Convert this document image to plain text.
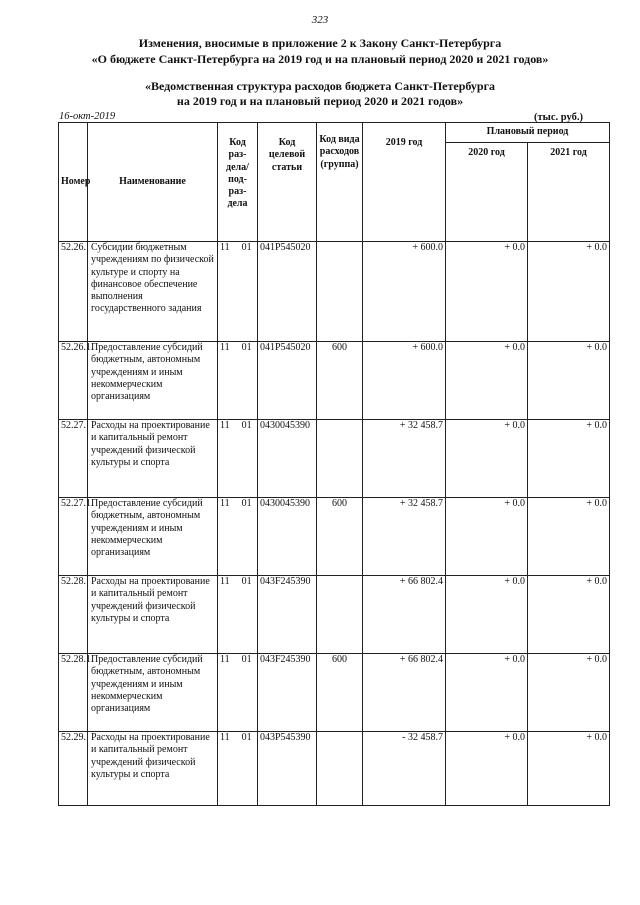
323
Изменения, вносимые в приложение 2 к Закону Санкт-Петербурга
«О бюджете Санкт-Петербурга на 2019 год и на плановый период 2020 и 2021 годов»
«Ведомственная структура расходов бюджета Санкт-Петербурга
на 2019 год и на плановый период 2020 и 2021 годов»
16-окт-2019	(тыс. руб.)
Номер	Наименование	Код раз-дела/ под-раз-дела	Код целевой статьи	Код вида расходов (группа)	2019 год	Плановый период	
						2020 год	2021 год
52.26.	Субсидии бюджетным учреждениям по физической культуре и спорту на финансовое обеспечение выполнения государственного задания	11 01	041P545020		+ 600.0	+ 0.0	+ 0.0
52.26.1.	Предоставление субсидий бюджетным, автономным учреждениям и иным некоммерческим организациям	11 01	041P545020	600	+ 600.0	+ 0.0	+ 0.0
52.27.	Расходы на проектирование и капитальный ремонт учреждений физической культуры и спорта	11 01	0430045390		+ 32 458.7	+ 0.0	+ 0.0
52.27.1.	Предоставление субсидий бюджетным, автономным учреждениям и иным некоммерческим организациям	11 01	0430045390	600	+ 32 458.7	+ 0.0	+ 0.0
52.28.	Расходы на проектирование и капитальный ремонт учреждений физической культуры и спорта	11 01	043F245390		+ 66 802.4	+ 0.0	+ 0.0
52.28.1.	Предоставление субсидий бюджетным, автономным учреждениям и иным некоммерческим организациям	11 01	043F245390	600	+ 66 802.4	+ 0.0	+ 0.0
52.29.	Расходы на проектирование и капитальный ремонт учреждений физической культуры и спорта	11 01	043P545390		- 32 458.7	+ 0.0	+ 0.0
